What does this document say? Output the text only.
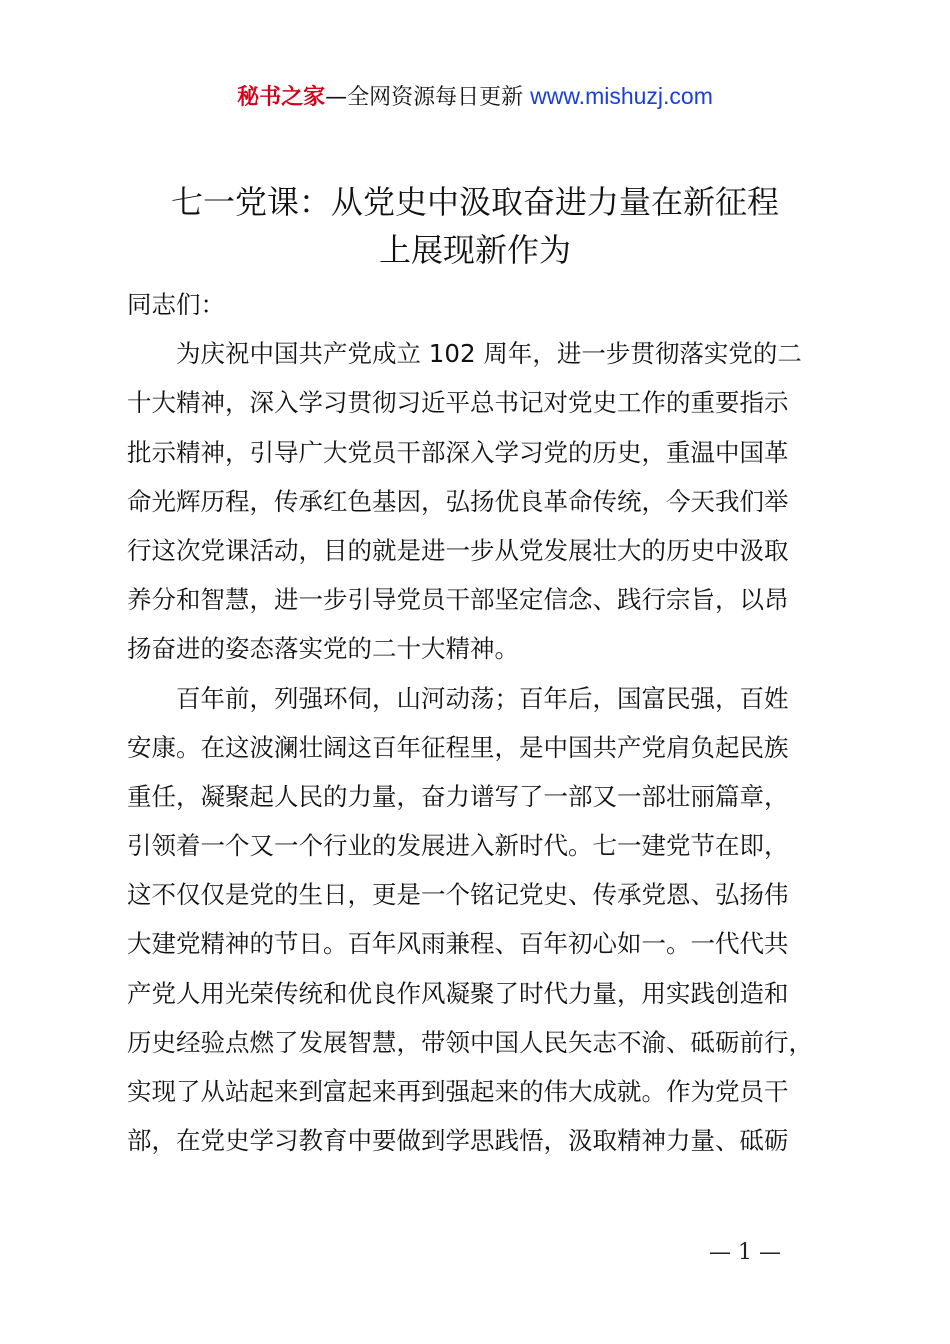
秘书之家—全网资源每日更新 www.mishuzj.com
七一党课：从党史中汲取奋进力量在新征程
上展现新作为
同志们：
　　为庆祝中国共产党成立 102 周年，进一步贯彻落实党的二
十大精神，深入学习贯彻习近平总书记对党史工作的重要指示
批示精神，引导广大党员干部深入学习党的历史，重温中国革
命光辉历程，传承红色基因，弘扬优良革命传统，今天我们举
行这次党课活动，目的就是进一步从党发展壮大的历史中汲取
养分和智慧，进一步引导党员干部坚定信念、践行宗旨，以昂
扬奋进的姿态落实党的二十大精神。
　　百年前，列强环伺，山河动荡；百年后，国富民强，百姓
安康。在这波澜壮阔这百年征程里，是中国共产党肩负起民族
重任，凝聚起人民的力量，奋力谱写了一部又一部壮丽篇章，
引领着一个又一个行业的发展进入新时代。七一建党节在即，
这不仅仅是党的生日，更是一个铭记党史、传承党恩、弘扬伟
大建党精神的节日。百年风雨兼程、百年初心如一。一代代共
产党人用光荣传统和优良作风凝聚了时代力量，用实践创造和
历史经验点燃了发展智慧，带领中国人民矢志不渝、砥砺前行，
实现了从站起来到富起来再到强起来的伟大成就。作为党员干
部，在党史学习教育中要做到学思践悟，汲取精神力量、砥砺
— 1 —
